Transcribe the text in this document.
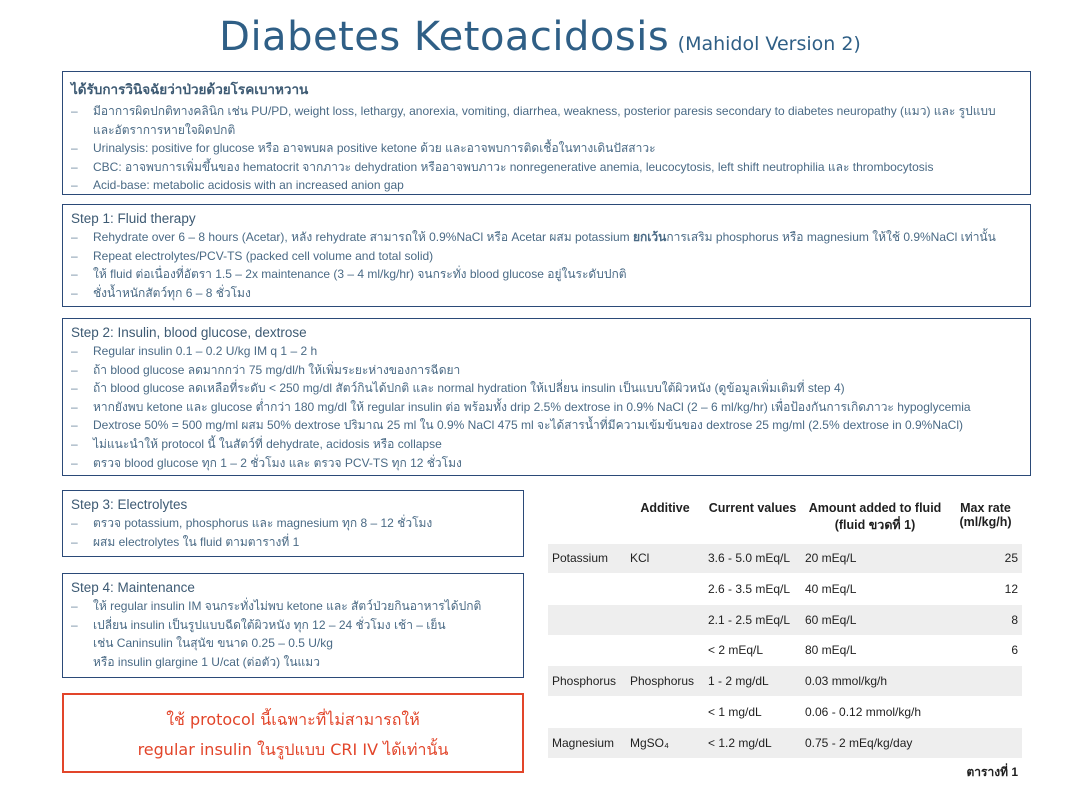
Diabetes Ketoacidosis (Mahidol Version 2)
ได้รับการวินิจฉัยว่าป่วยด้วยโรคเบาหวาน
– มีอาการผิดปกติทางคลินิก เช่น PU/PD, weight loss, lethargy, anorexia, vomiting, diarrhea, weakness, posterior paresis secondary to diabetes neuropathy (แมว) และ รูปแบบ
และอัตราการหายใจผิดปกติ
– Urinalysis: positive for glucose หรือ อาจพบผล positive ketone ด้วย และอาจพบการติดเชื้อในทางเดินปัสสาวะ
– CBC: อาจพบการเพิ่มขึ้นของ hematocrit จากภาวะ dehydration หรืออาจพบภาวะ nonregenerative anemia, leucocytosis, left shift neutrophilia และ thrombocytosis
– Acid-base: metabolic acidosis with an increased anion gap
Step 1: Fluid therapy
– Rehydrate over 6 – 8 hours (Acetar), หลัง rehydrate สามารถให้ 0.9%NaCl หรือ Acetar ผสม potassium ยกเว้นการเสริม phosphorus หรือ magnesium ให้ใช้ 0.9%NaCl เท่านั้น
– Repeat electrolytes/PCV-TS (packed cell volume and total solid)
– ให้ fluid ต่อเนื่องที่อัตรา 1.5 – 2x maintenance (3 – 4 ml/kg/hr) จนกระทั่ง blood glucose อยู่ในระดับปกติ
– ชั่งน้ำหนักสัตว์ทุก 6 – 8 ชั่วโมง
Step 2: Insulin, blood glucose, dextrose
– Regular insulin 0.1 – 0.2 U/kg IM q 1 – 2 h
– ถ้า blood glucose ลดมากกว่า 75 mg/dl/h ให้เพิ่มระยะห่างของการฉีดยา
– ถ้า blood glucose ลดเหลือที่ระดับ < 250 mg/dl สัตว์กินได้ปกติ และ normal hydration ให้เปลี่ยน insulin เป็นแบบใต้ผิวหนัง (ดูข้อมูลเพิ่มเติมที่ step 4)
– หากยังพบ ketone และ glucose ต่ำกว่า 180 mg/dl ให้ regular insulin ต่อ พร้อมทั้ง drip 2.5% dextrose in 0.9% NaCl (2 – 6 ml/kg/hr) เพื่อป้องกันการเกิดภาวะ hypoglycemia
– Dextrose 50% = 500 mg/ml ผสม 50% dextrose ปริมาณ 25 ml ใน 0.9% NaCl 475 ml จะได้สารน้ำที่มีความเข้มข้นของ dextrose 25 mg/ml (2.5% dextrose in 0.9%NaCl)
– ไม่แนะนำให้ protocol นี้ ในสัตว์ที่ dehydrate, acidosis หรือ collapse
– ตรวจ blood glucose ทุก 1 – 2 ชั่วโมง และ ตรวจ PCV-TS ทุก 12 ชั่วโมง
Step 3: Electrolytes
– ตรวจ potassium, phosphorus และ magnesium ทุก 8 – 12 ชั่วโมง
– ผสม electrolytes ใน fluid ตามตารางที่ 1
Step 4: Maintenance
– ให้ regular insulin IM จนกระทั่งไม่พบ ketone และ สัตว์ป่วยกินอาหารได้ปกติ
– เปลี่ยน insulin เป็นรูปแบบฉีดใต้ผิวหนัง ทุก 12 – 24 ชั่วโมง เช้า – เย็น
เช่น Caninsulin ในสุนัข ขนาด 0.25 – 0.5 U/kg
หรือ insulin glargine 1 U/cat (ต่อตัว) ในแมว
ใช้ protocol นี้เฉพาะที่ไม่สามารถให้
regular insulin ในรูปแบบ CRI IV ได้เท่านั้น
	Additive	Current values	Amount added to fluid (fluid ขวดที่ 1)	Max rate (ml/kg/h)
Potassium	KCl	3.6 - 5.0 mEq/L	20 mEq/L	25
		2.6 - 3.5 mEq/L	40 mEq/L	12
		2.1 - 2.5 mEq/L	60 mEq/L	8
		< 2 mEq/L	80 mEq/L	6
Phosphorus	Phosphorus	1 - 2 mg/dL	0.03 mmol/kg/h	
		< 1 mg/dL	0.06 - 0.12 mmol/kg/h	
Magnesium	MgSO₄	< 1.2 mg/dL	0.75 - 2 mEq/kg/day	
ตารางที่ 1
